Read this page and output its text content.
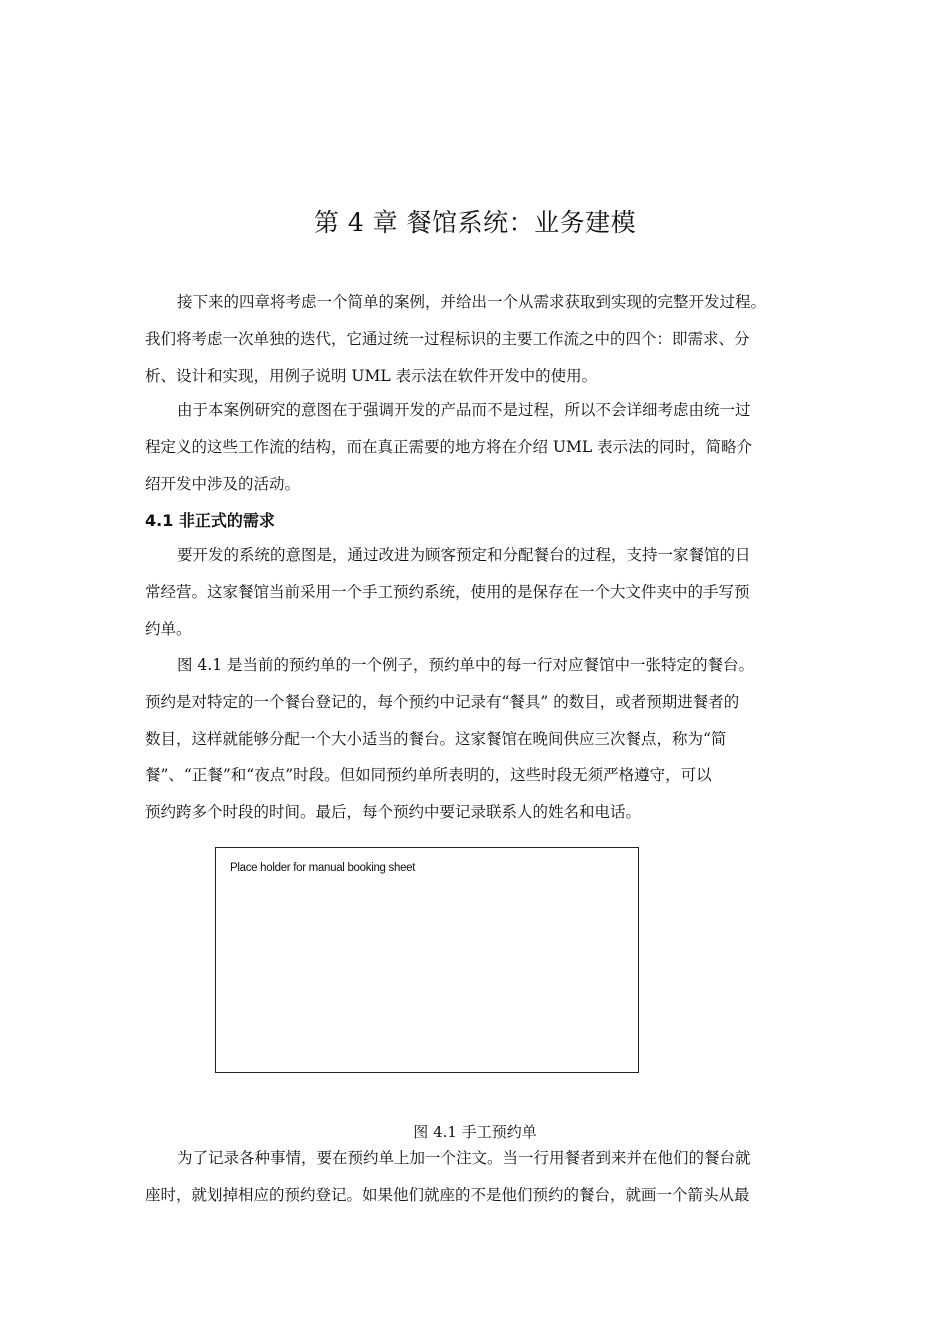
第 4 章 餐馆系统：业务建模

接下来的四章将考虑一个简单的案例，并给出一个从需求获取到实现的完整开发过程。
我们将考虑一次单独的迭代，它通过统一过程标识的主要工作流之中的四个：即需求、分
析、设计和实现，用例子说明 UML 表示法在软件开发中的使用。

由于本案例研究的意图在于强调开发的产品而不是过程，所以不会详细考虑由统一过
程定义的这些工作流的结构，而在真正需要的地方将在介绍 UML 表示法的同时，简略介
绍开发中涉及的活动。

4.1 非正式的需求

要开发的系统的意图是，通过改进为顾客预定和分配餐台的过程，支持一家餐馆的日
常经营。这家餐馆当前采用一个手工预约系统，使用的是保存在一个大文件夹中的手写预
约单。

图 4.1 是当前的预约单的一个例子，预约单中的每一行对应餐馆中一张特定的餐台。
预约是对特定的一个餐台登记的，每个预约中记录有“餐具” 的数目，或者预期进餐者的
数目，这样就能够分配一个大小适当的餐台。这家餐馆在晚间供应三次餐点，称为“简
餐”、“正餐”和“夜点”时段。但如同预约单所表明的，这些时段无须严格遵守，可以
预约跨多个时段的时间。最后，每个预约中要记录联系人的姓名和电话。

Place holder for manual booking sheet

图 4.1 手工预约单

为了记录各种事情，要在预约单上加一个注文。当一行用餐者到来并在他们的餐台就
座时，就划掉相应的预约登记。如果他们就座的不是他们预约的餐台，就画一个箭头从最
